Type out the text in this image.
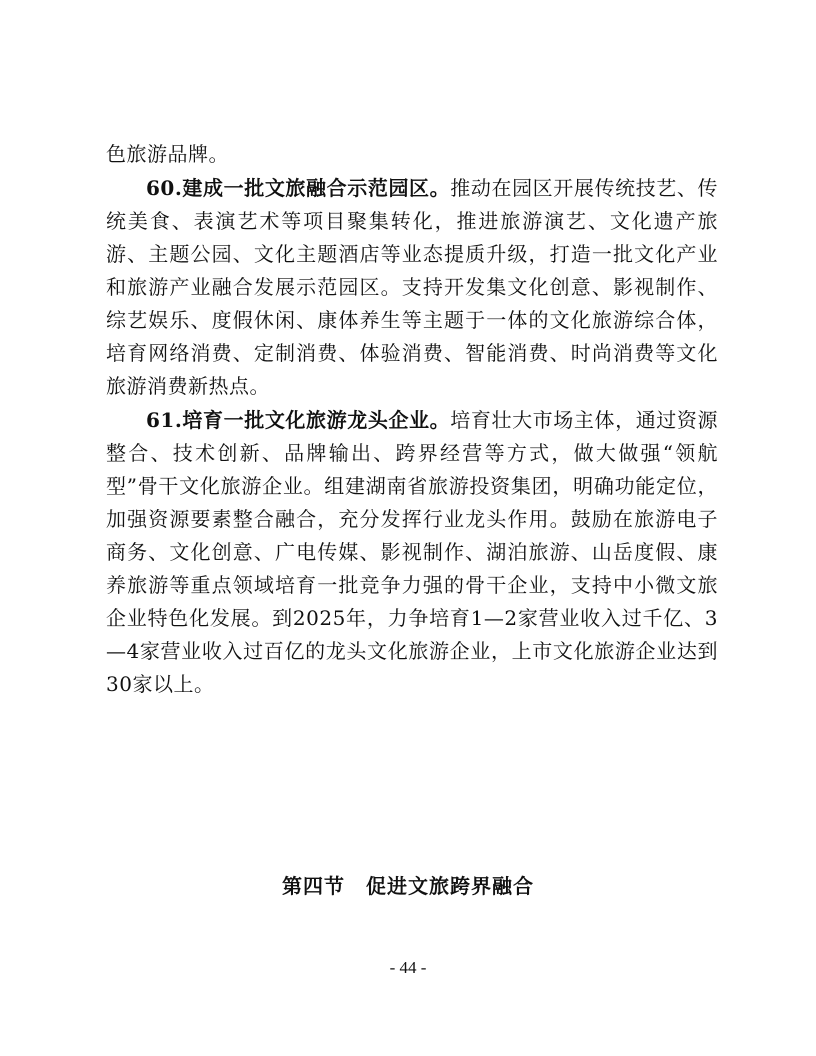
色旅游品牌。

60.建成一批文旅融合示范园区。推动在园区开展传统技艺、传统美食、表演艺术等项目聚集转化，推进旅游演艺、文化遗产旅游、主题公园、文化主题酒店等业态提质升级，打造一批文化产业和旅游产业融合发展示范园区。支持开发集文化创意、影视制作、综艺娱乐、度假休闲、康体养生等主题于一体的文化旅游综合体，培育网络消费、定制消费、体验消费、智能消费、时尚消费等文化旅游消费新热点。

61.培育一批文化旅游龙头企业。培育壮大市场主体，通过资源整合、技术创新、品牌输出、跨界经营等方式，做大做强“领航型”骨干文化旅游企业。组建湖南省旅游投资集团，明确功能定位，加强资源要素整合融合，充分发挥行业龙头作用。鼓励在旅游电子商务、文化创意、广电传媒、影视制作、湖泊旅游、山岳度假、康养旅游等重点领域培育一批竞争力强的骨干企业，支持中小微文旅企业特色化发展。到2025年，力争培育1—2家营业收入过千亿、3—4家营业收入过百亿的龙头文化旅游企业，上市文化旅游企业达到30家以上。

第四节　促进文旅跨界融合
- 44 -
